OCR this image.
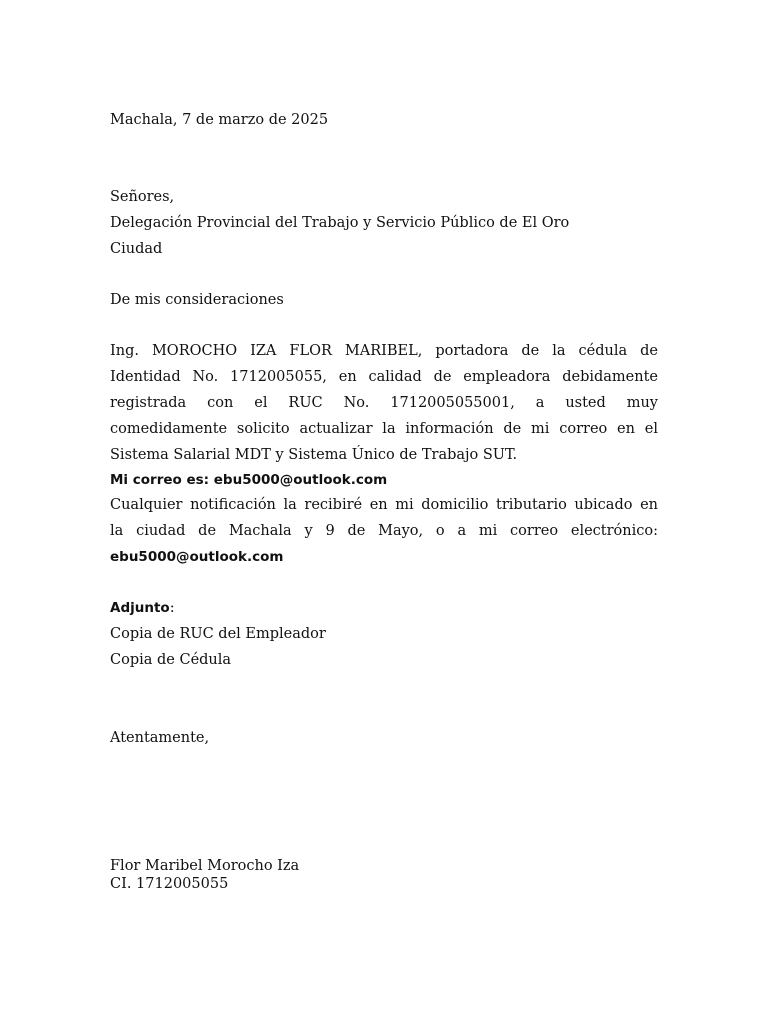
Machala, 7 de marzo de 2025
Señores,
Delegación Provincial del Trabajo y Servicio Público de El Oro
Ciudad
De mis consideraciones
Ing. MOROCHO IZA FLOR MARIBEL, portadora de la cédula de
Identidad No. 1712005055, en calidad de empleadora debidamente
registrada con el RUC No. 1712005055001, a usted muy
comedidamente solicito actualizar la información de mi correo en el
Sistema Salarial MDT y Sistema Único de Trabajo SUT.
Mi correo es: ebu5000@outlook.com
Cualquier notificación la recibiré en mi domicilio tributario ubicado en
la ciudad de Machala y 9 de Mayo, o a mi correo electrónico:
ebu5000@outlook.com
Adjunto:
Copia de RUC del Empleador
Copia de Cédula
Atentamente,
Flor Maribel Morocho Iza
CI. 1712005055
